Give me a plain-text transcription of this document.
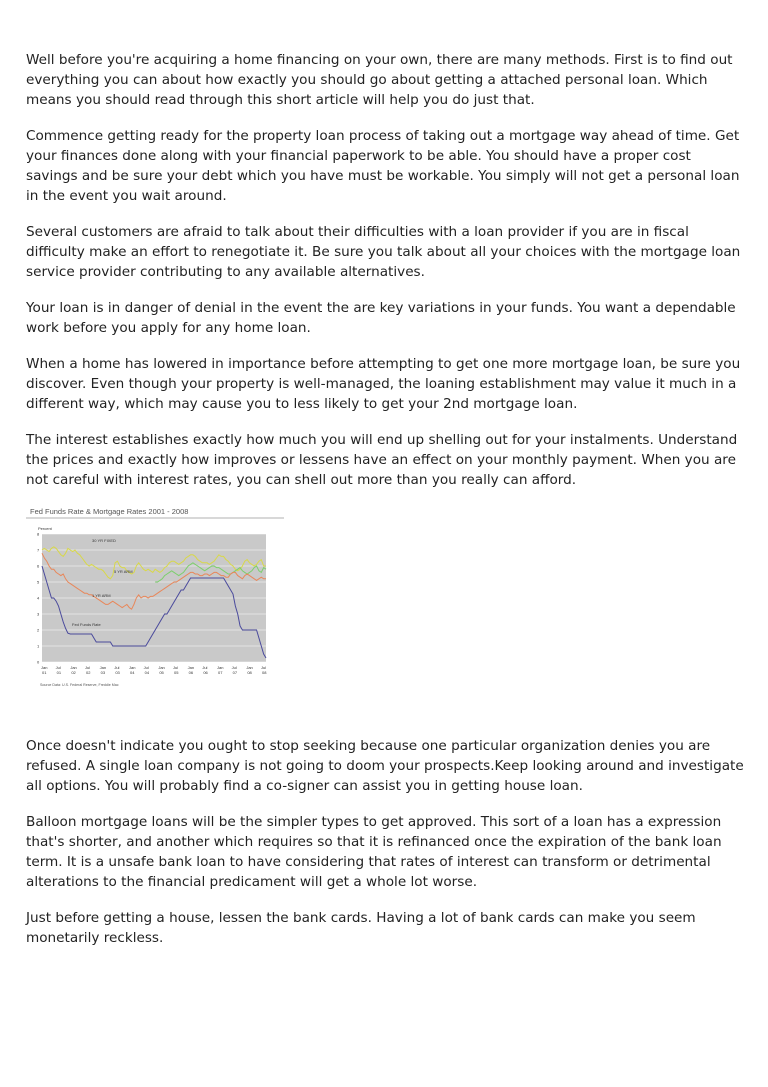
Well before you're acquiring a home financing on your own, there are many methods. First is to find out everything you can about how exactly you should go about getting a attached personal loan. Which means you should read through this short article will help you do just that.

Commence getting ready for the property loan process of taking out a mortgage way ahead of time. Get your finances done along with your financial paperwork to be able. You should have a proper cost savings and be sure your debt which you have must be workable. You simply will not get a personal loan in the event you wait around.

Several customers are afraid to talk about their difficulties with a loan provider if you are in fiscal difficulty make an effort to renegotiate it. Be sure you talk about all your choices with the mortgage loan service provider contributing to any available alternatives.

Your loan is in danger of denial in the event the are key variations in your funds. You want a dependable work before you apply for any home loan.

When a home has lowered in importance before attempting to get one more mortgage loan, be sure you discover. Even though your property is well-managed, the loaning establishment may value it much in a different way, which may cause you to less likely to get your 2nd mortgage loan.

The interest establishes exactly how much you will end up shelling out for your instalments. Understand the prices and exactly how improves or lessens have an effect on your monthly payment. When you are not careful with interest rates, you can shell out more than you really can afford.

Fed Funds Rate & Mortgage Rates 2001 - 2008
Percent
0
1
2
3
4
5
6
7
8
Jan
01
Jul
01
Jan
02
Jul
02
Jan
03
Jul
03
Jan
04
Jul
04
Jan
05
Jul
05
Jan
06
Jul
06
Jan
07
Jul
07
Jan
08
Jul
08
30 YR FIXED
5 YR ARM
1 YR ARM
Fed Funds Rate
Source Data: U.S. Federal Reserve, Freddie Mac

Once doesn't indicate you ought to stop seeking because one particular organization denies you are refused. A single loan company is not going to doom your prospects.Keep looking around and investigate all options. You will probably find a co-signer can assist you in getting house loan.

Balloon mortgage loans will be the simpler types to get approved. This sort of a loan has a expression that's shorter, and another which requires so that it is refinanced once the expiration of the bank loan term. It is a unsafe bank loan to have considering that rates of interest can transform or detrimental alterations to the financial predicament will get a whole lot worse.

Just before getting a house, lessen the bank cards. Having a lot of bank cards can make you seem monetarily reckless.
